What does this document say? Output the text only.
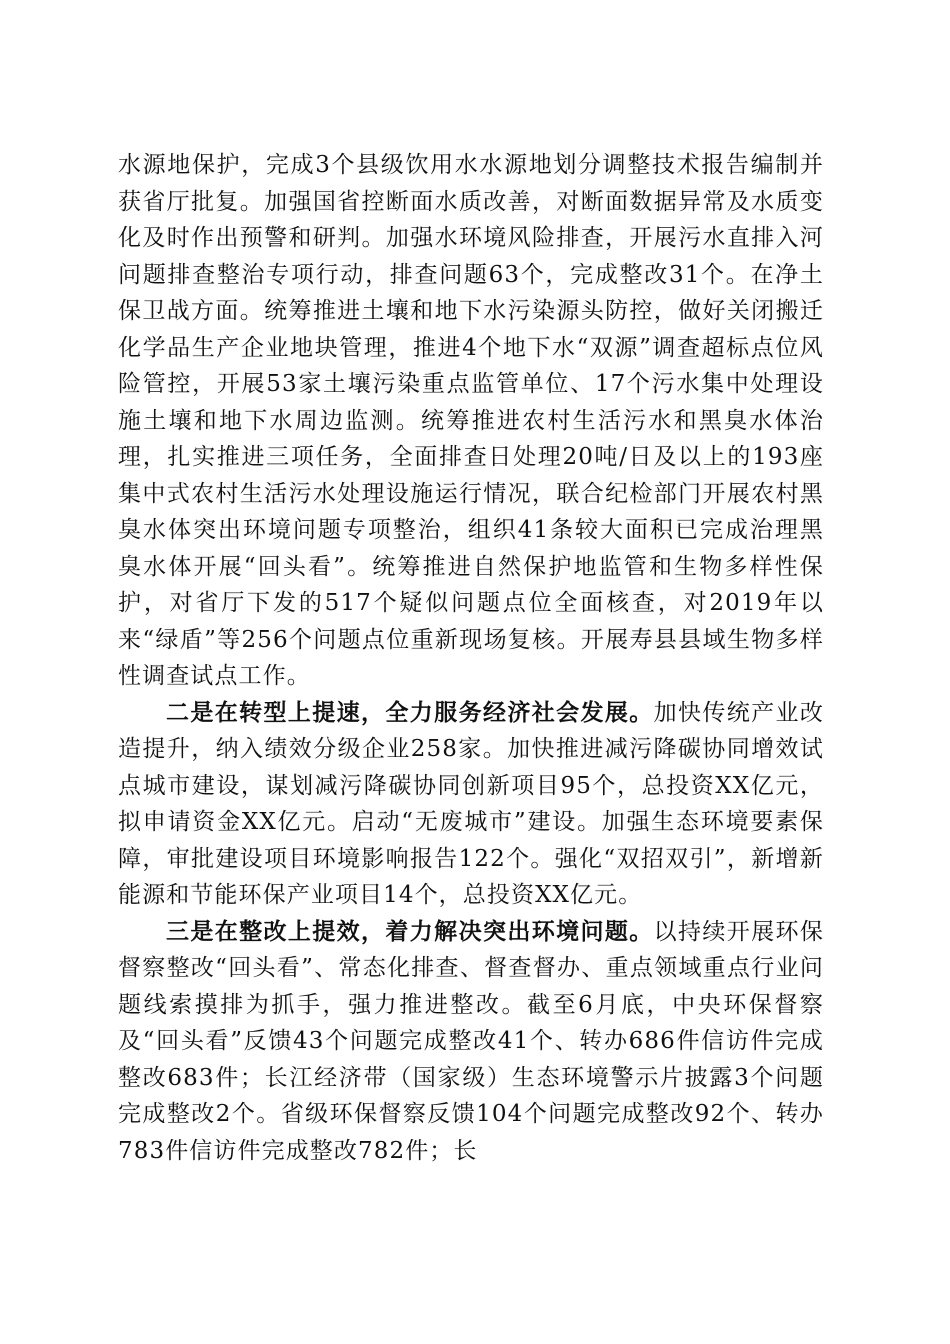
水源地保护，完成3个县级饮用水水源地划分调整技术报告编制并获省厅批复。加强国省控断面水质改善，对断面数据异常及水质变化及时作出预警和研判。加强水环境风险排查，开展污水直排入河问题排查整治专项行动，排查问题63个，完成整改31个。在净土保卫战方面。统筹推进土壤和地下水污染源头防控，做好关闭搬迁化学品生产企业地块管理，推进4个地下水“双源”调查超标点位风险管控，开展53家土壤污染重点监管单位、17个污水集中处理设施土壤和地下水周边监测。统筹推进农村生活污水和黑臭水体治理，扎实推进三项任务，全面排查日处理20吨/日及以上的193座集中式农村生活污水处理设施运行情况，联合纪检部门开展农村黑臭水体突出环境问题专项整治，组织41条较大面积已完成治理黑臭水体开展“回头看”。统筹推进自然保护地监管和生物多样性保护，对省厅下发的517个疑似问题点位全面核查，对2019年以来“绿盾”等256个问题点位重新现场复核。开展寿县县域生物多样性调查试点工作。

二是在转型上提速，全力服务经济社会发展。加快传统产业改造提升，纳入绩效分级企业258家。加快推进减污降碳协同增效试点城市建设，谋划减污降碳协同创新项目95个，总投资XX亿元，拟申请资金XX亿元。启动“无废城市”建设。加强生态环境要素保障，审批建设项目环境影响报告122个。强化“双招双引”，新增新能源和节能环保产业项目14个，总投资XX亿元。

三是在整改上提效，着力解决突出环境问题。以持续开展环保督察整改“回头看”、常态化排查、督查督办、重点领域重点行业问题线索摸排为抓手，强力推进整改。截至6月底，中央环保督察及“回头看”反馈43个问题完成整改41个、转办686件信访件完成整改683件；长江经济带（国家级）生态环境警示片披露3个问题完成整改2个。省级环保督察反馈104个问题完成整改92个、转办783件信访件完成整改782件；长
